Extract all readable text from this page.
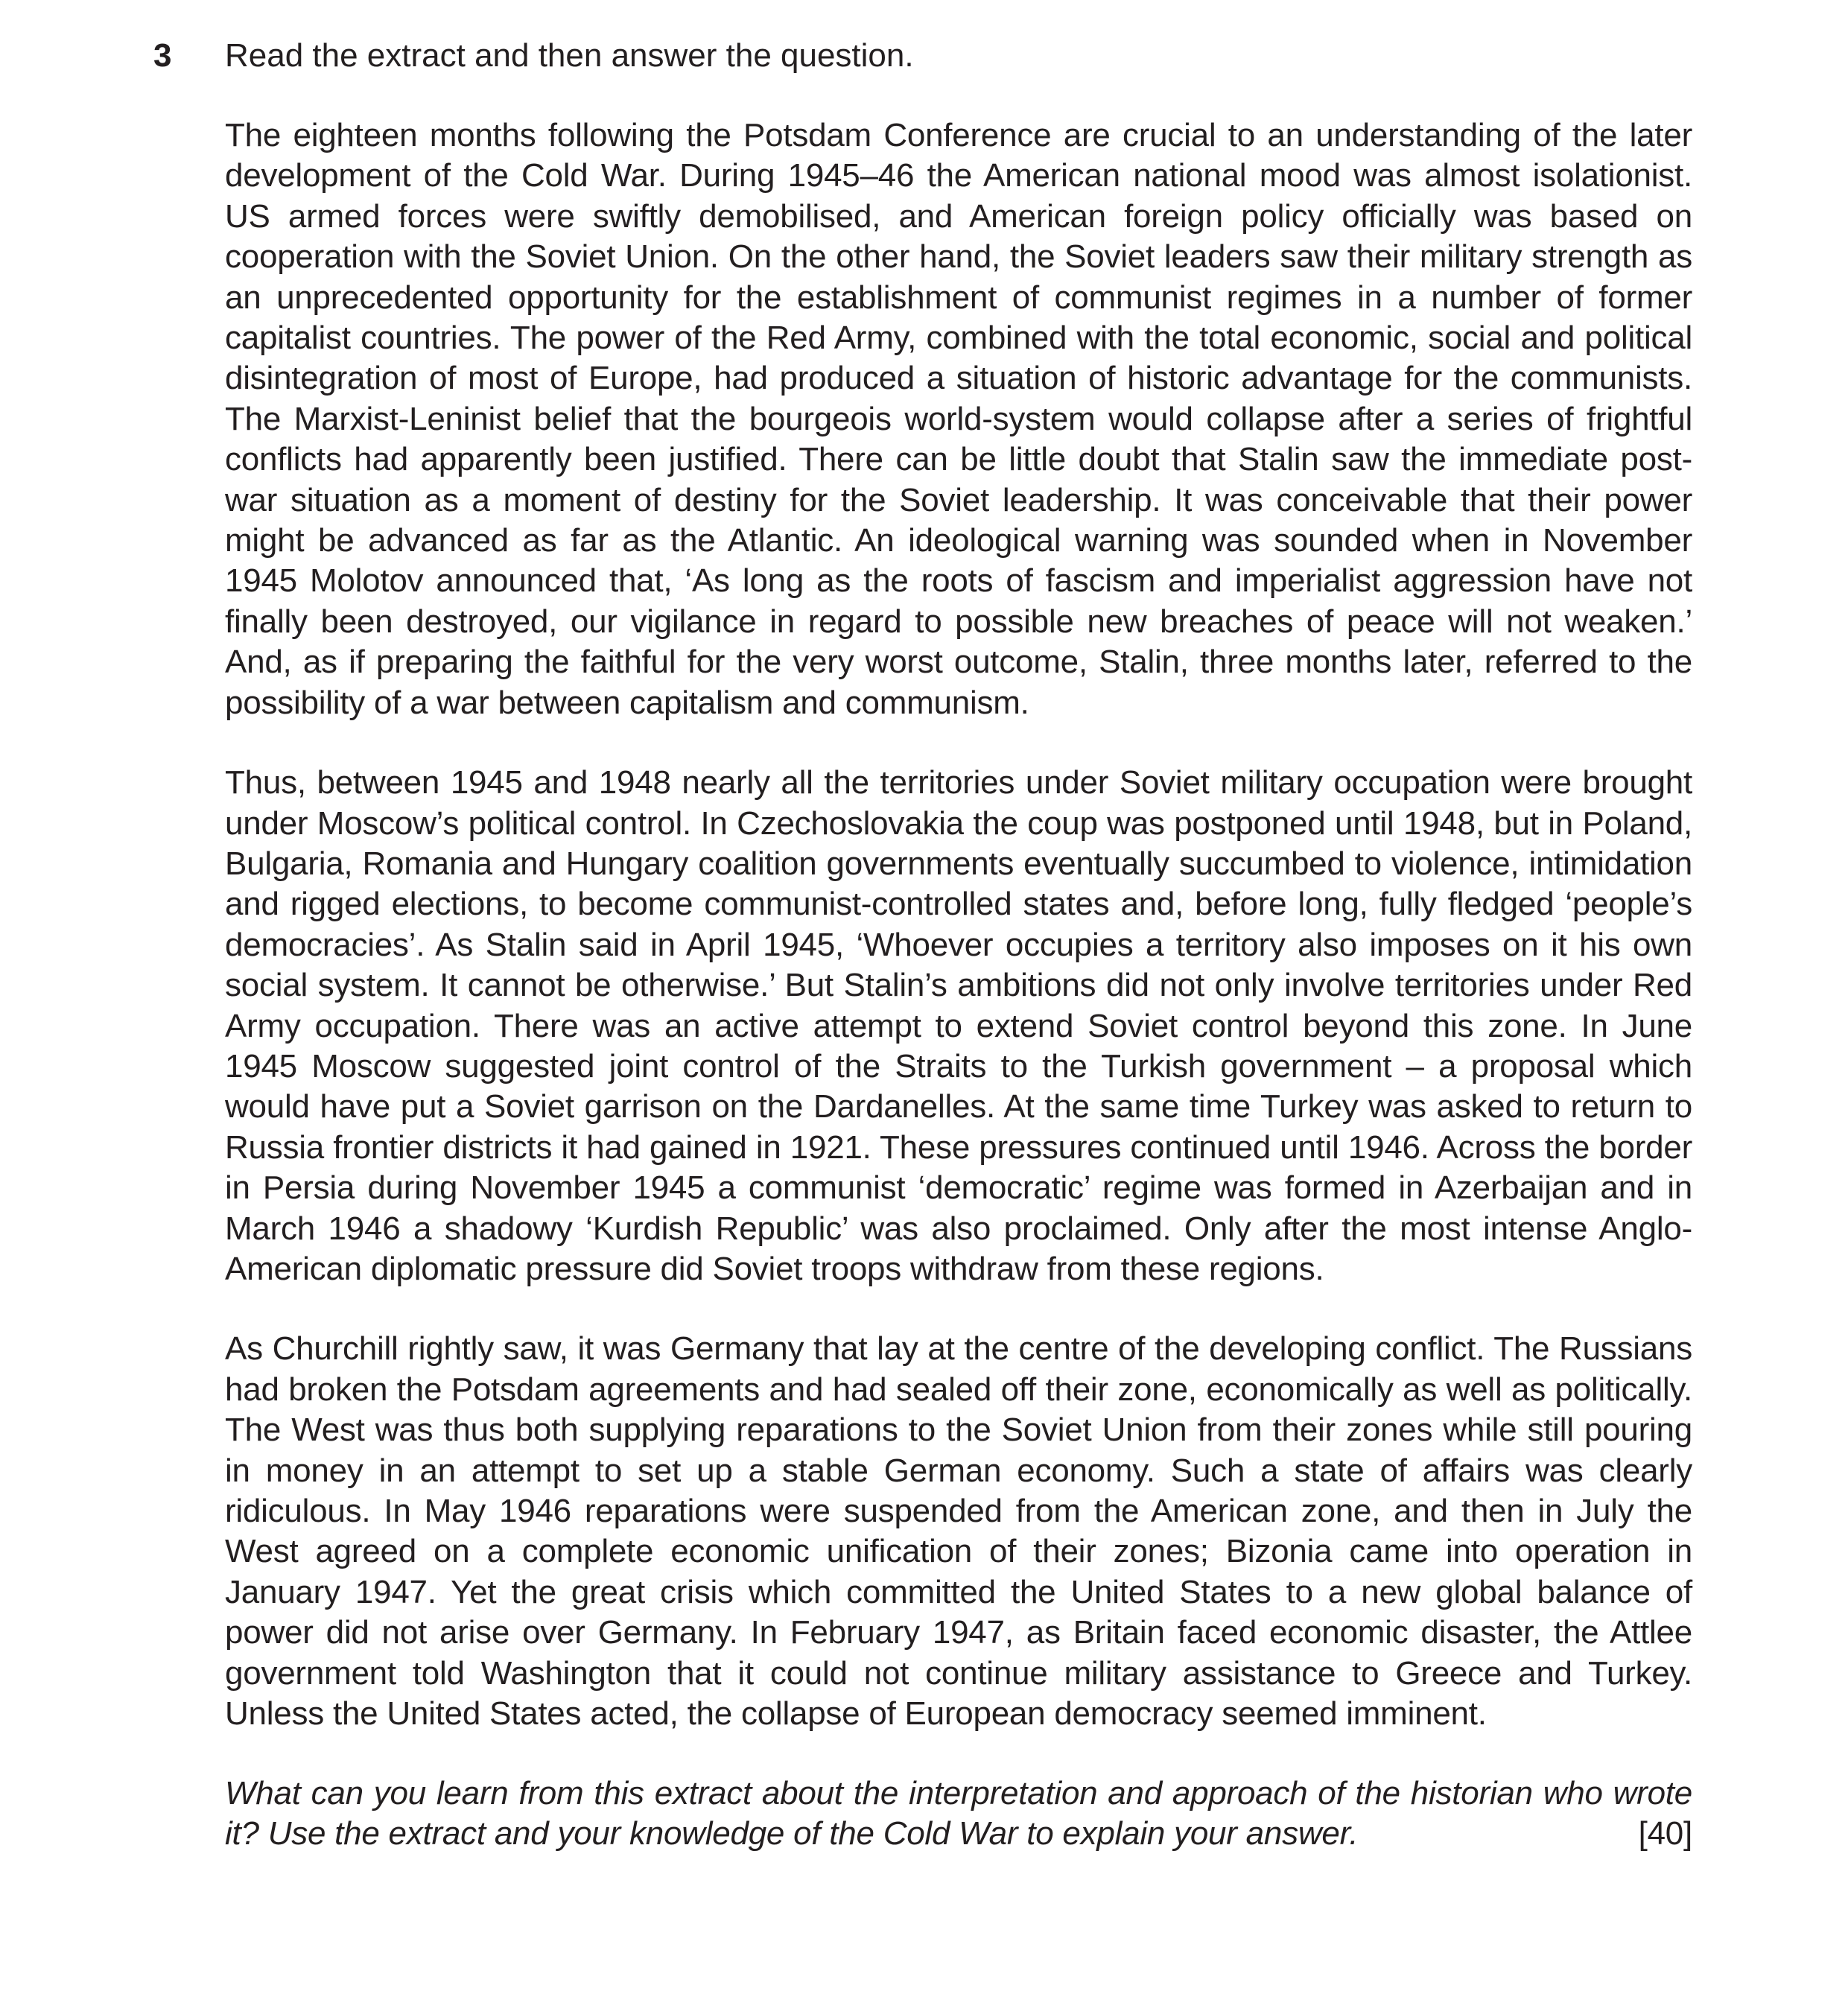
3 Read the extract and then answer the question.

The eighteen months following the Potsdam Conference are crucial to an understanding of the later development of the Cold War. During 1945–46 the American national mood was almost isolationist. US armed forces were swiftly demobilised, and American foreign policy officially was based on cooperation with the Soviet Union. On the other hand, the Soviet leaders saw their military strength as an unprecedented opportunity for the establishment of communist regimes in a number of former capitalist countries. The power of the Red Army, combined with the total economic, social and political disintegration of most of Europe, had produced a situation of historic advantage for the communists. The Marxist-Leninist belief that the bourgeois world-system would collapse after a series of frightful conflicts had apparently been justified. There can be little doubt that Stalin saw the immediate post-war situation as a moment of destiny for the Soviet leadership. It was conceivable that their power might be advanced as far as the Atlantic. An ideological warning was sounded when in November 1945 Molotov announced that, ‘As long as the roots of fascism and imperialist aggression have not finally been destroyed, our vigilance in regard to possible new breaches of peace will not weaken.’ And, as if preparing the faithful for the very worst outcome, Stalin, three months later, referred to the possibility of a war between capitalism and communism.

Thus, between 1945 and 1948 nearly all the territories under Soviet military occupation were brought under Moscow’s political control. In Czechoslovakia the coup was postponed until 1948, but in Poland, Bulgaria, Romania and Hungary coalition governments eventually succumbed to violence, intimidation and rigged elections, to become communist-controlled states and, before long, fully fledged ‘people’s democracies’. As Stalin said in April 1945, ‘Whoever occupies a territory also imposes on it his own social system. It cannot be otherwise.’ But Stalin’s ambitions did not only involve territories under Red Army occupation. There was an active attempt to extend Soviet control beyond this zone. In June 1945 Moscow suggested joint control of the Straits to the Turkish government – a proposal which would have put a Soviet garrison on the Dardanelles. At the same time Turkey was asked to return to Russia frontier districts it had gained in 1921. These pressures continued until 1946. Across the border in Persia during November 1945 a communist ‘democratic’ regime was formed in Azerbaijan and in March 1946 a shadowy ‘Kurdish Republic’ was also proclaimed. Only after the most intense Anglo-American diplomatic pressure did Soviet troops withdraw from these regions.

As Churchill rightly saw, it was Germany that lay at the centre of the developing conflict. The Russians had broken the Potsdam agreements and had sealed off their zone, economically as well as politically. The West was thus both supplying reparations to the Soviet Union from their zones while still pouring in money in an attempt to set up a stable German economy. Such a state of affairs was clearly ridiculous. In May 1946 reparations were suspended from the American zone, and then in July the West agreed on a complete economic unification of their zones; Bizonia came into operation in January 1947. Yet the great crisis which committed the United States to a new global balance of power did not arise over Germany. In February 1947, as Britain faced economic disaster, the Attlee government told Washington that it could not continue military assistance to Greece and Turkey. Unless the United States acted, the collapse of European democracy seemed imminent.

What can you learn from this extract about the interpretation and approach of the historian who wrote it? Use the extract and your knowledge of the Cold War to explain your answer.	[40]
